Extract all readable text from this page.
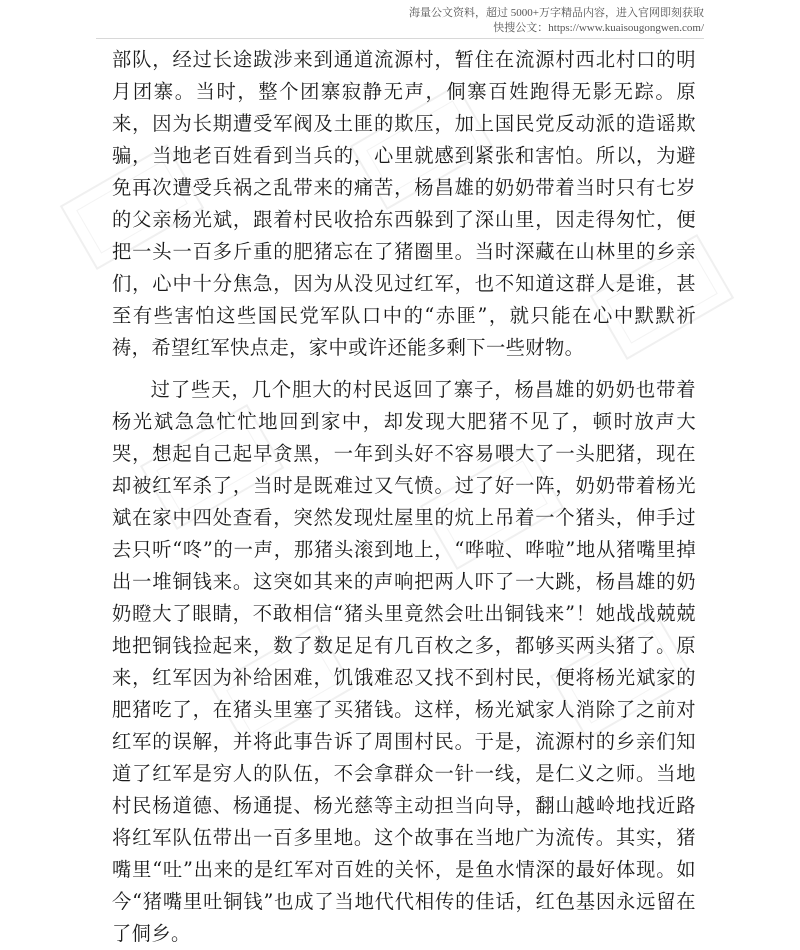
海量公文资料，超过 5000+万字精品内容，进入官网即刻获取
快搜公文：https://www.kuaisougongwen.com/

部队，经过长途跋涉来到通道流源村，暂住在流源村西北村口的明月团寨。当时，整个团寨寂静无声，侗寨百姓跑得无影无踪。原来，因为长期遭受军阀及土匪的欺压，加上国民党反动派的造谣欺骗，当地老百姓看到当兵的，心里就感到紧张和害怕。所以，为避免再次遭受兵祸之乱带来的痛苦，杨昌雄的奶奶带着当时只有七岁的父亲杨光斌，跟着村民收拾东西躲到了深山里，因走得匆忙，便把一头一百多斤重的肥猪忘在了猪圈里。当时深藏在山林里的乡亲们，心中十分焦急，因为从没见过红军，也不知道这群人是谁，甚至有些害怕这些国民党军队口中的“赤匪”，就只能在心中默默祈祷，希望红军快点走，家中或许还能多剩下一些财物。

过了些天，几个胆大的村民返回了寨子，杨昌雄的奶奶也带着杨光斌急急忙忙地回到家中，却发现大肥猪不见了，顿时放声大哭，想起自己起早贪黑，一年到头好不容易喂大了一头肥猪，现在却被红军杀了，当时是既难过又气愤。过了好一阵，奶奶带着杨光斌在家中四处查看，突然发现灶屋里的炕上吊着一个猪头，伸手过去只听“咚”的一声，那猪头滚到地上，“哗啦、哗啦”地从猪嘴里掉出一堆铜钱来。这突如其来的声响把两人吓了一大跳，杨昌雄的奶奶瞪大了眼睛，不敢相信“猪头里竟然会吐出铜钱来”！她战战兢兢地把铜钱捡起来，数了数足足有几百枚之多，都够买两头猪了。原来，红军因为补给困难，饥饿难忍又找不到村民，便将杨光斌家的肥猪吃了，在猪头里塞了买猪钱。这样，杨光斌家人消除了之前对红军的误解，并将此事告诉了周围村民。于是，流源村的乡亲们知道了红军是穷人的队伍，不会拿群众一针一线，是仁义之师。当地村民杨道德、杨通提、杨光慈等主动担当向导，翻山越岭地找近路将红军队伍带出一百多里地。这个故事在当地广为流传。其实，猪嘴里“吐”出来的是红军对百姓的关怀，是鱼水情深的最好体现。如今“猪嘴里吐铜钱”也成了当地代代相传的佳话，红色基因永远留在了侗乡。
